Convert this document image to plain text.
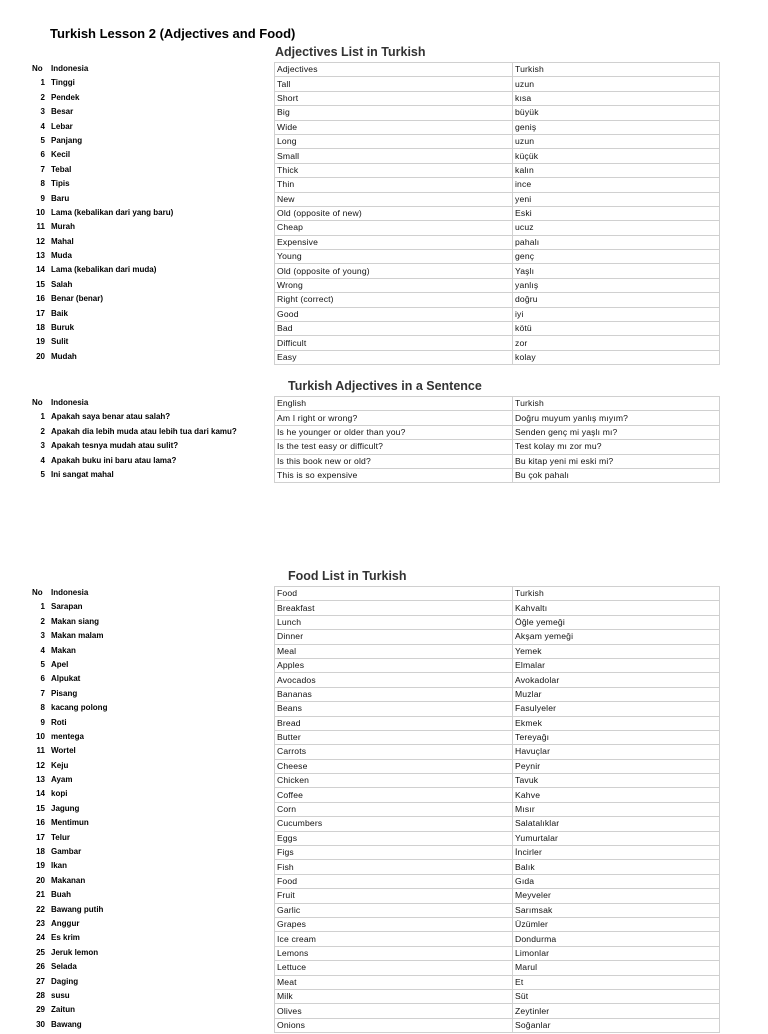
Turkish Lesson 2 (Adjectives and Food)
Adjectives List in Turkish
No Indonesia
1 Tinggi
2 Pendek
3 Besar
4 Lebar
5 Panjang
6 Kecil
7 Tebal
8 Tipis
9 Baru
10 Lama (kebalikan dari yang baru)
11 Murah
12 Mahal
13 Muda
14 Lama (kebalikan dari muda)
15 Salah
16 Benar (benar)
17 Baik
18 Buruk
19 Sulit
20 Mudah
Adjectives	Turkish
Tall	uzun
Short	kısa
Big	büyük
Wide	geniş
Long	uzun
Small	küçük
Thick	kalın
Thin	ince
New	yeni
Old (opposite of new)	Eski
Cheap	ucuz
Expensive	pahalı
Young	genç
Old (opposite of young)	Yaşlı
Wrong	yanlış
Right (correct)	doğru
Good	iyi
Bad	kötü
Difficult	zor
Easy	kolay
Turkish Adjectives in a Sentence
No Indonesia
1 Apakah saya benar atau salah?
2 Apakah dia lebih muda atau lebih tua dari kamu?
3 Apakah tesnya mudah atau sulit?
4 Apakah buku ini baru atau lama?
5 Ini sangat mahal
English	Turkish
Am I right or wrong?	Doğru muyum yanlış mıyım?
Is he younger or older than you?	Senden genç mi yaşlı mı?
Is the test easy or difficult?	Test kolay mı zor mu?
Is this book new or old?	Bu kitap yeni mi eski mi?
This is so expensive	Bu çok pahalı
Food List in Turkish
No Indonesia
1 Sarapan
2 Makan siang
3 Makan malam
4 Makan
5 Apel
6 Alpukat
7 Pisang
8 kacang polong
9 Roti
10 mentega
11 Wortel
12 Keju
13 Ayam
14 kopi
15 Jagung
16 Mentimun
17 Telur
18 Gambar
19 Ikan
20 Makanan
21 Buah
22 Bawang putih
23 Anggur
24 Es krim
25 Jeruk lemon
26 Selada
27 Daging
28 susu
29 Zaitun
30 Bawang
Food	Turkish
Breakfast	Kahvaltı
Lunch	Öğle yemeği
Dinner	Akşam yemeği
Meal	Yemek
Apples	Elmalar
Avocados	Avokadolar
Bananas	Muzlar
Beans	Fasulyeler
Bread	Ekmek
Butter	Tereyağı
Carrots	Havuçlar
Cheese	Peynir
Chicken	Tavuk
Coffee	Kahve
Corn	Mısır
Cucumbers	Salatalıklar
Eggs	Yumurtalar
Figs	İncirler
Fish	Balık
Food	Gıda
Fruit	Meyveler
Garlic	Sarımsak
Grapes	Üzümler
Ice cream	Dondurma
Lemons	Limonlar
Lettuce	Marul
Meat	Et
Milk	Süt
Olives	Zeytinler
Onions	Soğanlar
